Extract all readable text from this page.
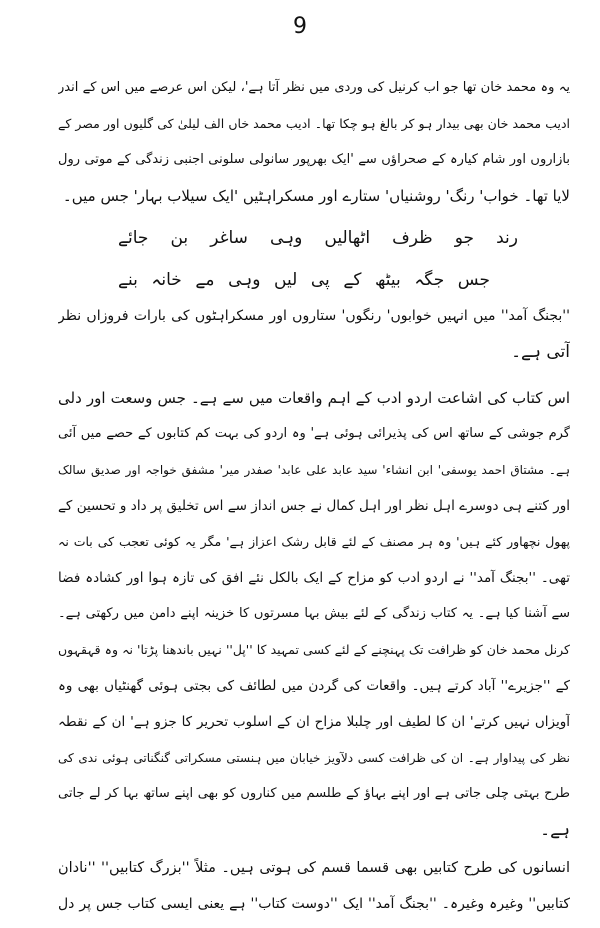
9
یہ وہ محمد خان تھا جو اب کرنیل کی وردی میں نظر آتا ہے'، لیکن اس عرصے میں اس کے اندر
ادیب محمد خان بھی بیدار ہو کر بالغ ہو چکا تھا۔ ادیب محمد خاں الف لیلیٰ کی گلیوں اور مصر کے
بازاروں اور شام کیارہ کے صحراؤں سے 'ایک بھرپور سانولی سلونی اجنبی زندگی کے موتی رول
لایا تھا۔ خواب' رنگ' روشنیاں' ستارے اور مسکراہٹیں 'ایک سیلاب بہار' جس میں۔
رند جو ظرف اٹھالیں وہی ساغر بن جائے
جس جگہ بیٹھ کے پی لیں وہی مے خانہ بنے
''بجنگ آمد'' میں انہیں خوابوں' رنگوں' ستاروں اور مسکراہٹوں کی بارات فروزاں نظر
آتی ہے۔
اس کتاب کی اشاعت اردو ادب کے اہم واقعات میں سے ہے۔ جس وسعت اور دلی
گرم جوشی کے ساتھ اس کی پذیرائی ہوئی ہے' وہ اردو کی بہت کم کتابوں کے حصے میں آئی
ہے۔ مشتاق احمد یوسفی' ابن انشاء' سید عابد علی عابد' صفدر میر' مشفق خواجہ اور صدیق سالک
اور کتنے ہی دوسرے اہل نظر اور اہل کمال نے جس انداز سے اس تخلیق پر داد و تحسین کے
پھول نچھاور کئے ہیں' وہ ہر مصنف کے لئے قابل رشک اعزاز ہے' مگر یہ کوئی تعجب کی بات نہ
تھی۔ ''بجنگ آمد'' نے اردو ادب کو مزاح کے ایک بالکل نئے افق کی تازہ ہوا اور کشادہ فضا
سے آشنا کیا ہے۔ یہ کتاب زندگی کے لئے بیش بہا مسرتوں کا خزینہ اپنے دامن میں رکھتی ہے۔
کرنل محمد خان کو ظرافت تک پہنچنے کے لئے کسی تمہید کا ''پل'' نہیں باندھنا پڑتا' نہ وہ قہقہوں
کے ''جزیرے'' آباد کرتے ہیں۔ واقعات کی گردن میں لطائف کی بجتی ہوئی گھنٹیاں بھی وہ
آویزاں نہیں کرتے' ان کا لطیف اور چلبلا مزاح ان کے اسلوب تحریر کا جزو ہے' ان کے نقطہ
نظر کی پیداوار ہے۔ ان کی ظرافت کسی دلآویز خیابان میں ہنستی مسکراتی گنگناتی ہوئی ندی کی
طرح بہتی چلی جاتی ہے اور اپنے بہاؤ کے طلسم میں کناروں کو بھی اپنے ساتھ بہا کر لے جاتی
ہے۔
انسانوں کی طرح کتابیں بھی قسما قسم کی ہوتی ہیں۔ مثلاً ''بزرگ کتابیں'' ''نادان
کتابیں'' وغیرہ وغیرہ۔ ''بجنگ آمد'' ایک ''دوست کتاب'' ہے یعنی ایسی کتاب جس پر دل
